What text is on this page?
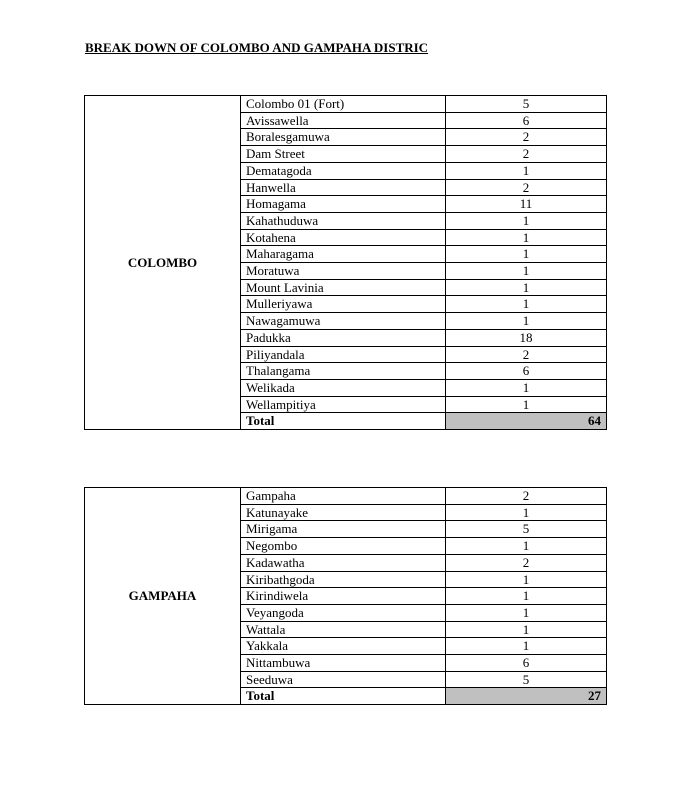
BREAK DOWN OF COLOMBO AND GAMPAHA DISTRIC
COLOMBO	Colombo 01 (Fort)	5
	Avissawella	6
	Boralesgamuwa	2
	Dam Street	2
	Dematagoda	1
	Hanwella	2
	Homagama	11
	Kahathuduwa	1
	Kotahena	1
	Maharagama	1
	Moratuwa	1
	Mount Lavinia	1
	Mulleriyawa	1
	Nawagamuwa	1
	Padukka	18
	Piliyandala	2
	Thalangama	6
	Welikada	1
	Wellampitiya	1
	Total	64
GAMPAHA	Gampaha	2
	Katunayake	1
	Mirigama	5
	Negombo	1
	Kadawatha	2
	Kiribathgoda	1
	Kirindiwela	1
	Veyangoda	1
	Wattala	1
	Yakkala	1
	Nittambuwa	6
	Seeduwa	5
	Total	27
